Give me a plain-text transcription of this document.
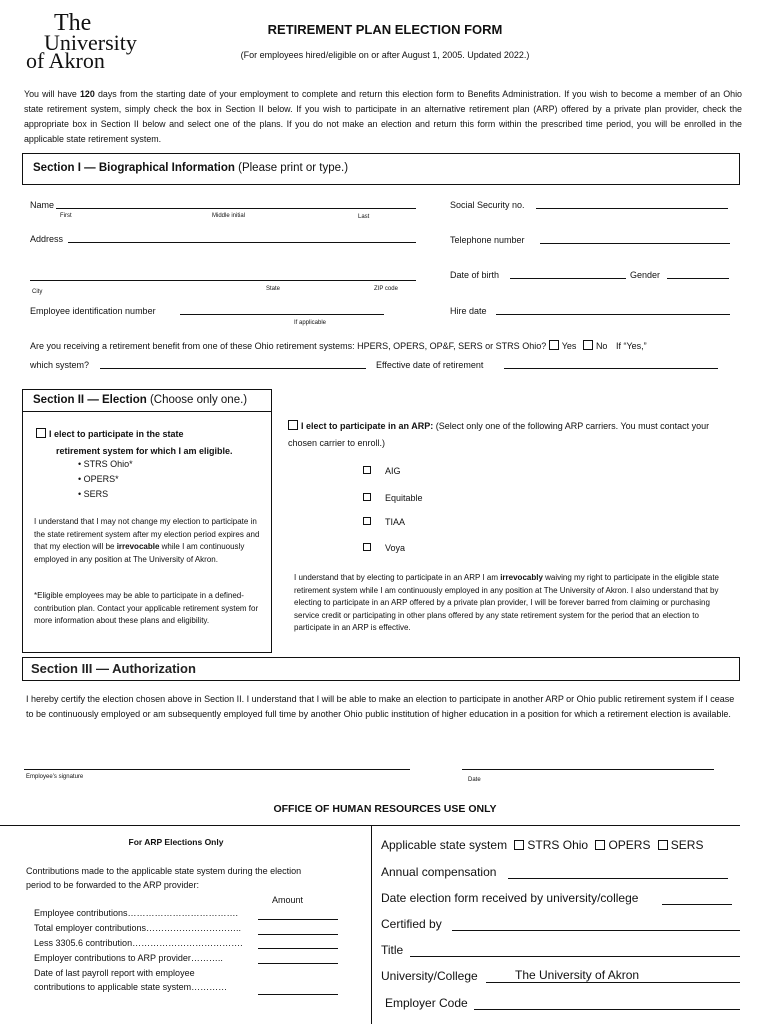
The
University
of Akron
RETIREMENT PLAN ELECTION FORM
(For employees hired/eligible on or after August 1, 2005. Updated 2022.)
You will have 120 days from the starting date of your employment to complete and return this election form to Benefits Administration. If you wish to become a member of an Ohio state retirement system, simply check the box in Section II below. If you wish to participate in an alternative retirement plan (ARP) offered by a private plan provider, check the appropriate box in Section II below and select one of the plans. If you do not make an election and return this form within the prescribed time period, you will be enrolled in the applicable state retirement system.
Section I — Biographical Information (Please print or type.)
Name
First	Middle initial	Last
Social Security no.
Address	Telephone number
City	State	ZIP code
Date of birth	Gender
Employee identification number
If applicable
Hire date
Are you receiving a retirement benefit from one of these Ohio retirement systems: HPERS, OPERS, OP&F, SERS or STRS Ohio? Yes No If “Yes,”
which system?	Effective date of retirement
Section II — Election (Choose only one.)
I elect to participate in the state
retirement system for which I am eligible.
• STRS Ohio*
• OPERS*
• SERS
I understand that I may not change my election to participate in the state retirement system after my election period expires and that my election will be irrevocable while I am continuously employed in any position at The University of Akron.
*Eligible employees may be able to participate in a defined-contribution plan. Contact your applicable retirement system for more information about these plans and eligibility.
I elect to participate in an ARP: (Select only one of the following ARP carriers. You must contact your chosen carrier to enroll.)
AIG
Equitable
TIAA
Voya
I understand that by electing to participate in an ARP I am irrevocably waiving my right to participate in the eligible state retirement system while I am continuously employed in any position at The University of Akron. I also understand that by electing to participate in an ARP offered by a private plan provider, I will be forever barred from claiming or purchasing service credit or participating in other plans offered by any state retirement system for the period that an election to participate in an ARP is effective.
Section III — Authorization
I hereby certify the election chosen above in Section II. I understand that I will be able to make an election to participate in another ARP or Ohio public retirement system if I cease to be continuously employed or am subsequently employed full time by another Ohio public institution of higher education in a position for which a retirement election is available.
Employee’s signature	Date
OFFICE OF HUMAN RESOURCES USE ONLY
For ARP Elections Only
Contributions made to the applicable state system during the election period to be forwarded to the ARP provider:
Amount
Employee contributions……………………………….
Total employer contributions…………………………..
Less 3305.6 contribution……………………………….
Employer contributions to ARP provider………..
Date of last payroll report with employee
contributions to applicable state system…………
Applicable state system STRS Ohio OPERS SERS
Annual compensation
Date election form received by university/college
Certified by
Title
University/College	The University of Akron
Employer Code
